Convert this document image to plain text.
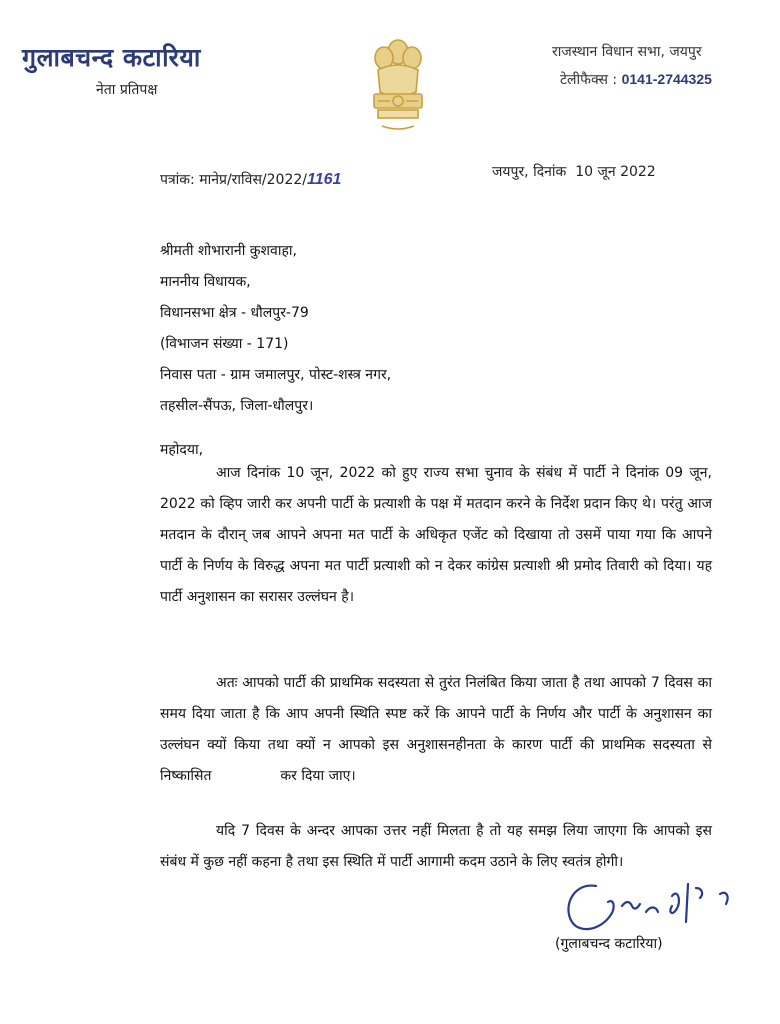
गुलाबचन्द कटारिया
नेता प्रतिपक्ष
राजस्थान विधान सभा, जयपुर
टेलीफैक्स : 0141-2744325
पत्रांक: मानेप्र/राविस/2022/1161	जयपुर, दिनांक 10 जून 2022
श्रीमती शोभारानी कुशवाहा,
माननीय विधायक,
विधानसभा क्षेत्र - धौलपुर-79
(विभाजन संख्या - 171)
निवास पता - ग्राम जमालपुर, पोस्ट-शस्त्र नगर,
तहसील-सैंपऊ, जिला-धौलपुर।
महोदया,
आज दिनांक 10 जून, 2022 को हुए राज्य सभा चुनाव के संबंध में पार्टी ने दिनांक 09 जून, 2022 को व्हिप जारी कर अपनी पार्टी के प्रत्याशी के पक्ष में मतदान करने के निर्देश प्रदान किए थे। परंतु आज मतदान के दौरान् जब आपने अपना मत पार्टी के अधिकृत एजेंट को दिखाया तो उसमें पाया गया कि आपने पार्टी के निर्णय के विरुद्ध अपना मत पार्टी प्रत्याशी को न देकर कांग्रेस प्रत्याशी श्री प्रमोद तिवारी को दिया। यह पार्टी अनुशासन का सरासर उल्लंघन है।
अतः आपको पार्टी की प्राथमिक सदस्यता से तुरंत निलंबित किया जाता है तथा आपको 7 दिवस का समय दिया जाता है कि आप अपनी स्थिति स्पष्ट करें कि आपने पार्टी के निर्णय और पार्टी के अनुशासन का उल्लंघन क्यों किया तथा क्यों न आपको इस अनुशासनहीनता के कारण पार्टी की प्राथमिक सदस्यता से निष्कासित	कर दिया जाए।
यदि 7 दिवस के अन्दर आपका उत्तर नहीं मिलता है तो यह समझ लिया जाएगा कि आपको इस संबंध में कुछ नहीं कहना है तथा इस स्थिति में पार्टी आगामी कदम उठाने के लिए स्वतंत्र होगी।
(गुलाबचन्द कटारिया)
